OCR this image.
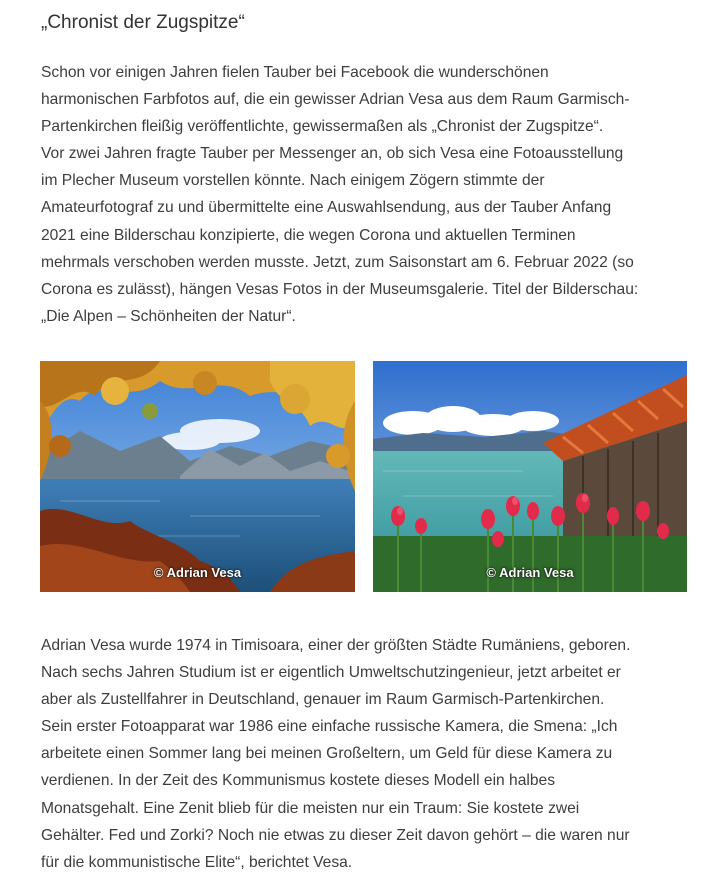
„Chronist der Zugspitze“

Schon vor einigen Jahren fielen Tauber bei Facebook die wunderschönen
harmonischen Farbfotos auf, die ein gewisser Adrian Vesa aus dem Raum Garmisch-
Partenkirchen fleißig veröffentlichte, gewissermaßen als „Chronist der Zugspitze“.
Vor zwei Jahren fragte Tauber per Messenger an, ob sich Vesa eine Fotoausstellung
im Plecher Museum vorstellen könnte. Nach einigem Zögern stimmte der
Amateurfotograf zu und übermittelte eine Auswahlsendung, aus der Tauber Anfang
2021 eine Bilderschau konzipierte, die wegen Corona und aktuellen Terminen
mehrmals verschoben werden musste. Jetzt, zum Saisonstart am 6. Februar 2022 (so
Corona es zulässt), hängen Vesas Fotos in der Museumsgalerie. Titel der Bilderschau:
„Die Alpen – Schönheiten der Natur“.

Adrian Vesa wurde 1974 in Timisoara, einer der größten Städte Rumäniens, geboren.
Nach sechs Jahren Studium ist er eigentlich Umweltschutzingenieur, jetzt arbeitet er
aber als Zustellfahrer in Deutschland, genauer im Raum Garmisch-Partenkirchen.
Sein erster Fotoapparat war 1986 eine einfache russische Kamera, die Smena: „Ich
arbeitete einen Sommer lang bei meinen Großeltern, um Geld für diese Kamera zu
verdienen. In der Zeit des Kommunismus kostete dieses Modell ein halbes
Monatsgehalt. Eine Zenit blieb für die meisten nur ein Traum: Sie kostete zwei
Gehälter. Fed und Zorki? Noch nie etwas zu dieser Zeit davon gehört – die waren nur
für die kommunistische Elite“, berichtet Vesa.

© Adrian Vesa	© Adrian Vesa
